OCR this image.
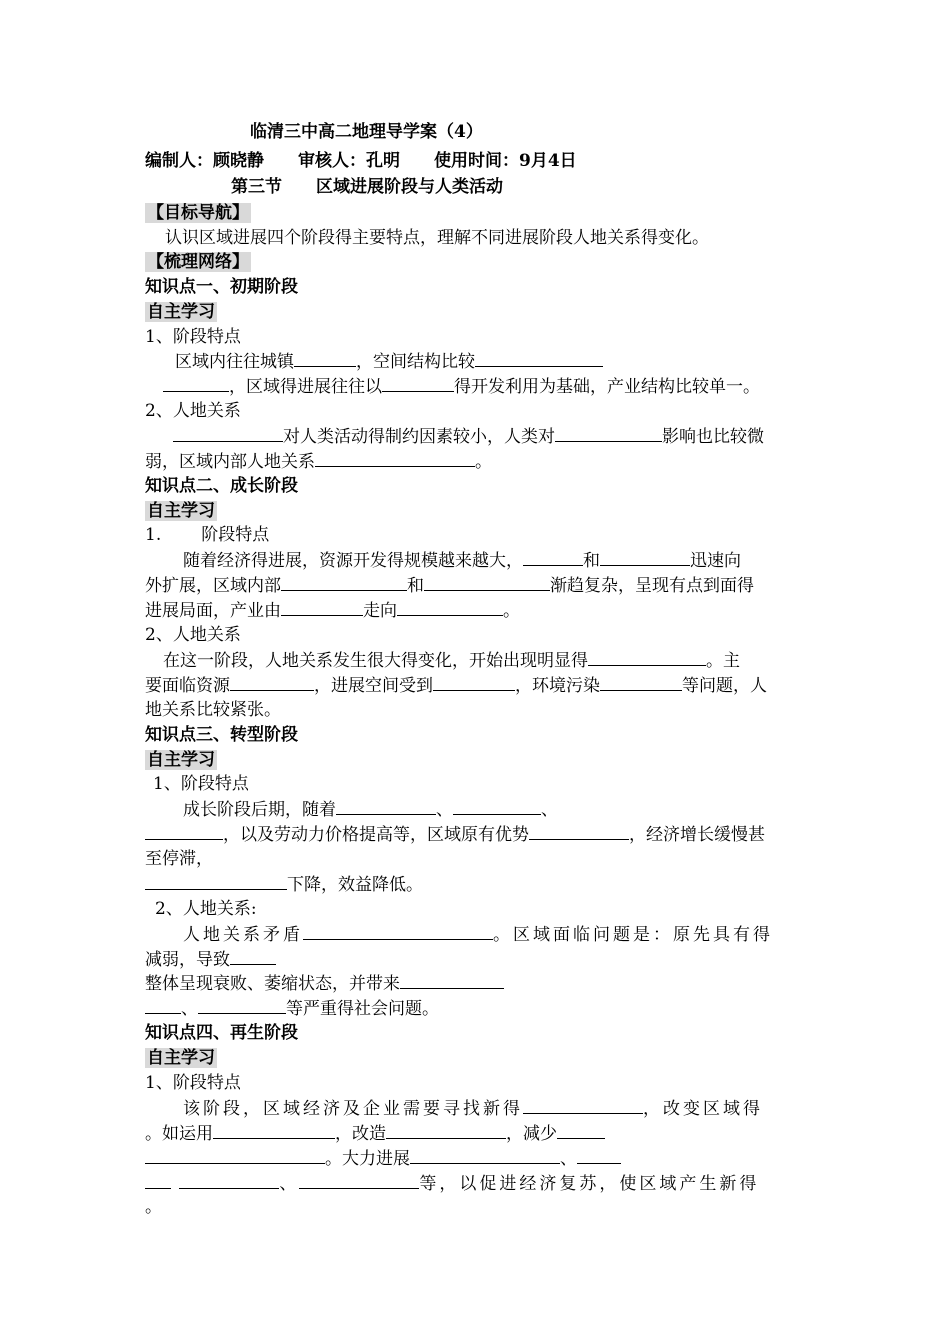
临清三中高二地理导学案（4）
编制人：顾晓静　　审核人：孔明　　使用时间：9月4日
第三节　　区域进展阶段与人类活动
【目标导航】
认识区域进展四个阶段得主要特点，理解不同进展阶段人地关系得变化。
【梳理网络】
知识点一、初期阶段
自主学习
1、阶段特点
区域内往往城镇	，空间结构比较
，区域得进展往往以	得开发利用为基础，产业结构比较单一。
2、人地关系
对人类活动得制约因素较小，人类对	影响也比较微
弱，区域内部人地关系	。
知识点二、成长阶段
自主学习
1. 阶段特点
随着经济得进展，资源开发得规模越来越大，	和	迅速向
外扩展，区域内部	和	渐趋复杂，呈现有点到面得
进展局面，产业由	走向	。
2、人地关系
在这一阶段，人地关系发生很大得变化，开始出现明显得	。主
要面临资源	，进展空间受到	，环境污染	等问题，人
地关系比较紧张。
知识点三、转型阶段
自主学习
1、阶段特点
成长阶段后期，随着	、	、
，以及劳动力价格提高等，区域原有优势	，经济增长缓慢甚
至停滞，
下降，效益降低。
2、人地关系:
人地关系矛盾	。区域面临问题是：原先具有得
减弱，导致
整体呈现衰败、萎缩状态，并带来
、	等严重得社会问题。
知识点四、再生阶段
自主学习
1、阶段特点
该阶段，区域经济及企业需要寻找新得	，改变区域得
。如运用	，改造	，减少
。大力进展	、
、	等，以促进经济复苏，使区域产生新得
。
